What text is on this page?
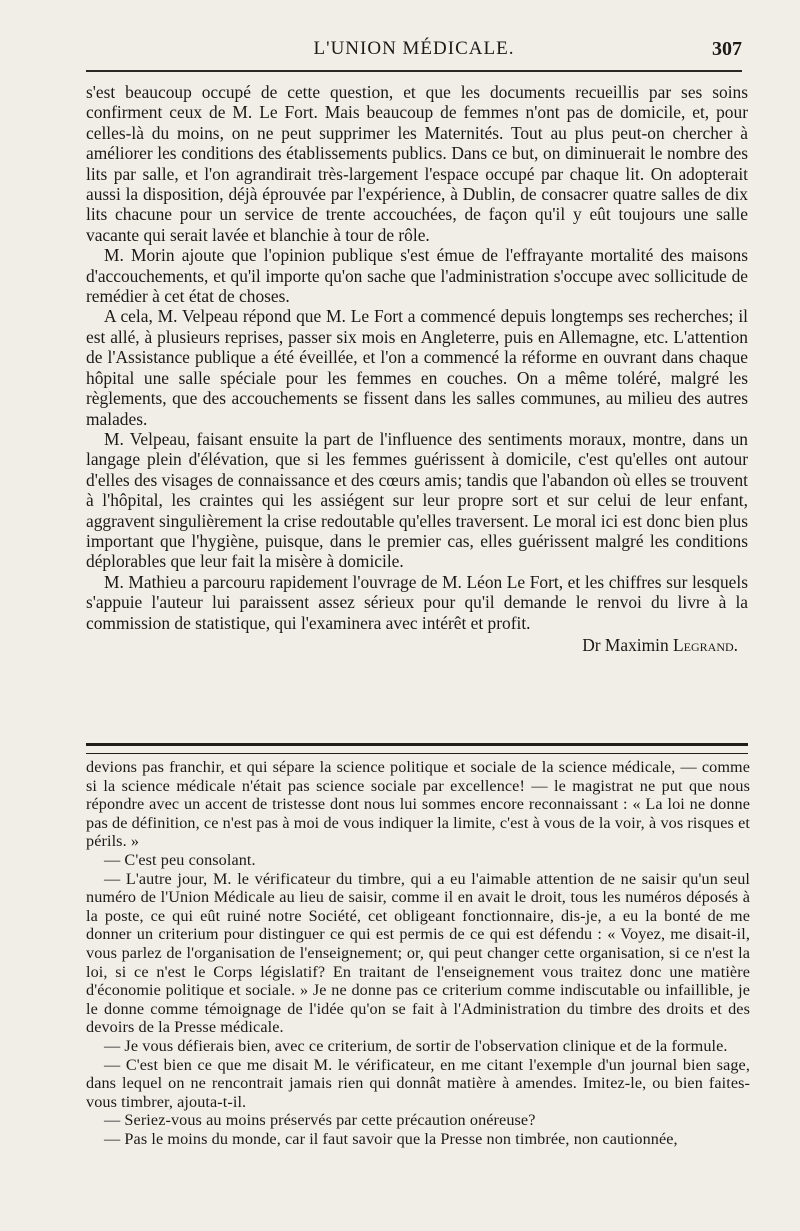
L'UNION MÉDICALE.	307

s'est beaucoup occupé de cette question, et que les documents recueillis par ses soins confirment ceux de M. Le Fort. Mais beaucoup de femmes n'ont pas de domicile, et, pour celles-là du moins, on ne peut supprimer les Maternités. Tout au plus peut-on chercher à améliorer les conditions des établissements publics. Dans ce but, on diminuerait le nombre des lits par salle, et l'on agrandirait très-largement l'espace occupé par chaque lit. On adopterait aussi la disposition, déjà éprouvée par l'expérience, à Dublin, de consacrer quatre salles de dix lits chacune pour un service de trente accouchées, de façon qu'il y eût toujours une salle vacante qui serait lavée et blanchie à tour de rôle.

M. Morin ajoute que l'opinion publique s'est émue de l'effrayante mortalité des maisons d'accouchements, et qu'il importe qu'on sache que l'administration s'occupe avec sollicitude de remédier à cet état de choses.

A cela, M. Velpeau répond que M. Le Fort a commencé depuis longtemps ses recherches; il est allé, à plusieurs reprises, passer six mois en Angleterre, puis en Allemagne, etc. L'attention de l'Assistance publique a été éveillée, et l'on a commencé la réforme en ouvrant dans chaque hôpital une salle spéciale pour les femmes en couches. On a même toléré, malgré les règlements, que des accouchements se fissent dans les salles communes, au milieu des autres malades.

M. Velpeau, faisant ensuite la part de l'influence des sentiments moraux, montre, dans un langage plein d'élévation, que si les femmes guérissent à domicile, c'est qu'elles ont autour d'elles des visages de connaissance et des cœurs amis; tandis que l'abandon où elles se trouvent à l'hôpital, les craintes qui les assiégent sur leur propre sort et sur celui de leur enfant, aggravent singulièrement la crise redoutable qu'elles traversent. Le moral ici est donc bien plus important que l'hygiène, puisque, dans le premier cas, elles guérissent malgré les conditions déplorables que leur fait la misère à domicile.

M. Mathieu a parcouru rapidement l'ouvrage de M. Léon Le Fort, et les chiffres sur lesquels s'appuie l'auteur lui paraissent assez sérieux pour qu'il demande le renvoi du livre à la commission de statistique, qui l'examinera avec intérêt et profit.

Dr Maximin Legrand.

devions pas franchir, et qui sépare la science politique et sociale de la science médicale, — comme si la science médicale n'était pas science sociale par excellence! — le magistrat ne put que nous répondre avec un accent de tristesse dont nous lui sommes encore reconnaissant : « La loi ne donne pas de définition, ce n'est pas à moi de vous indiquer la limite, c'est à vous de la voir, à vos risques et périls. »

— C'est peu consolant.

— L'autre jour, M. le vérificateur du timbre, qui a eu l'aimable attention de ne saisir qu'un seul numéro de l'Union Médicale au lieu de saisir, comme il en avait le droit, tous les numéros déposés à la poste, ce qui eût ruiné notre Société, cet obligeant fonctionnaire, dis-je, a eu la bonté de me donner un criterium pour distinguer ce qui est permis de ce qui est défendu : « Voyez, me disait-il, vous parlez de l'organisation de l'enseignement; or, qui peut changer cette organisation, si ce n'est la loi, si ce n'est le Corps législatif? En traitant de l'enseignement vous traitez donc une matière d'économie politique et sociale. » Je ne donne pas ce criterium comme indiscutable ou infaillible, je le donne comme témoignage de l'idée qu'on se fait à l'Administration du timbre des droits et des devoirs de la Presse médicale.

— Je vous défierais bien, avec ce criterium, de sortir de l'observation clinique et de la formule.

— C'est bien ce que me disait M. le vérificateur, en me citant l'exemple d'un journal bien sage, dans lequel on ne rencontrait jamais rien qui donnât matière à amendes. Imitez-le, ou bien faites-vous timbrer, ajouta-t-il.

— Seriez-vous au moins préservés par cette précaution onéreuse?

— Pas le moins du monde, car il faut savoir que la Presse non timbrée, non cautionnée,
